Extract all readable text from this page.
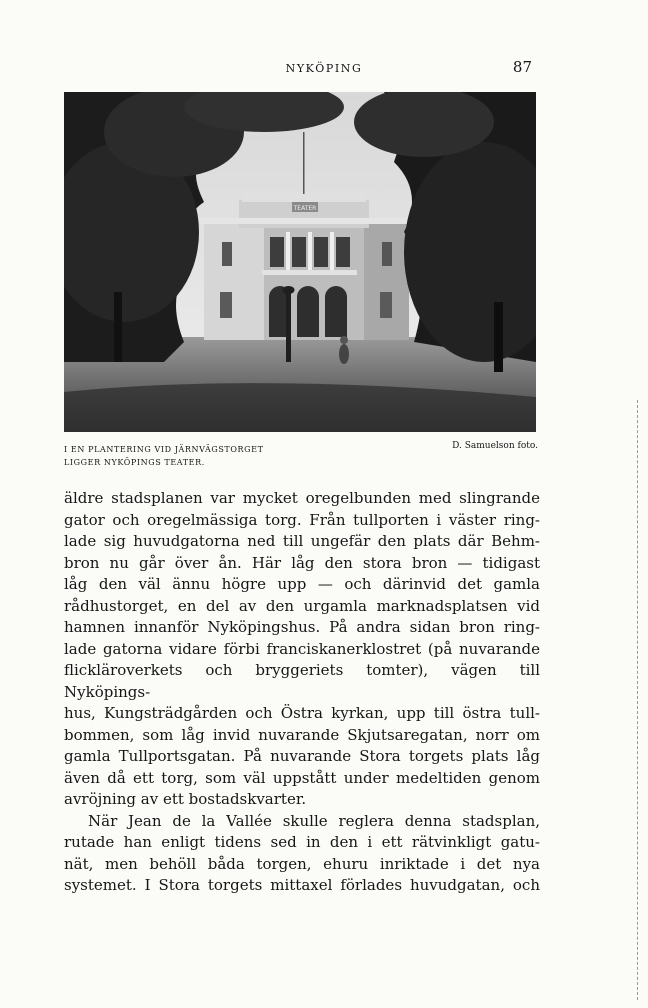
NYKÖPING	87
TEATER
I EN PLANTERING VID JÄRNVÄGSTORGET
LIGGER NYKÖPINGS TEATER.
D. Samuelson foto.

äldre stadsplanen var mycket oregelbunden med slingrande
gator och oregelmässiga torg. Från tullporten i väster ring-
lade sig huvudgatorna ned till ungefär den plats där Behm-
bron nu går över ån. Här låg den stora bron — tidigast
låg den väl ännu högre upp — och därinvid det gamla
rådhustorget, en del av den urgamla marknadsplatsen vid
hamnen innanför Nyköpingshus. På andra sidan bron ring-
lade gatorna vidare förbi franciskanerklostret (på nuvarande
flickläroverkets och bryggeriets tomter), vägen till Nyköpings-
hus, Kungsträdgården och Östra kyrkan, upp till östra tull-
bommen, som låg invid nuvarande Skjutsaregatan, norr om
gamla Tullportsgatan. På nuvarande Stora torgets plats låg
även då ett torg, som väl uppstått under medeltiden genom
avröjning av ett bostadskvarter.

När Jean de la Vallée skulle reglera denna stadsplan,
rutade han enligt tidens sed in den i ett rätvinkligt gatu-
nät, men behöll båda torgen, ehuru inriktade i det nya
systemet. I Stora torgets mittaxel förlades huvudgatan, och
